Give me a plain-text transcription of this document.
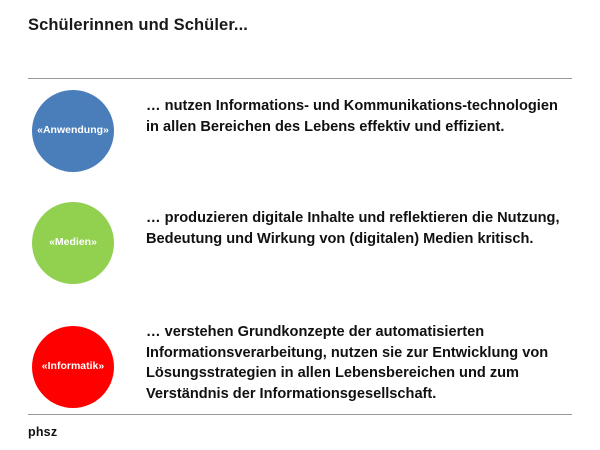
Schülerinnen und Schüler...
«Anwendung»
… nutzen Informations- und Kommunikations-technologien in allen Bereichen des Lebens effektiv und effizient.
«Medien»
… produzieren digitale Inhalte und reflektieren die Nutzung, Bedeutung und Wirkung von (digitalen) Medien kritisch.
«Informatik»
… verstehen Grundkonzepte der automatisierten Informationsverarbeitung, nutzen sie zur Entwicklung von Lösungsstrategien in allen Lebensbereichen und zum Verständnis der Informationsgesellschaft.
phsz
